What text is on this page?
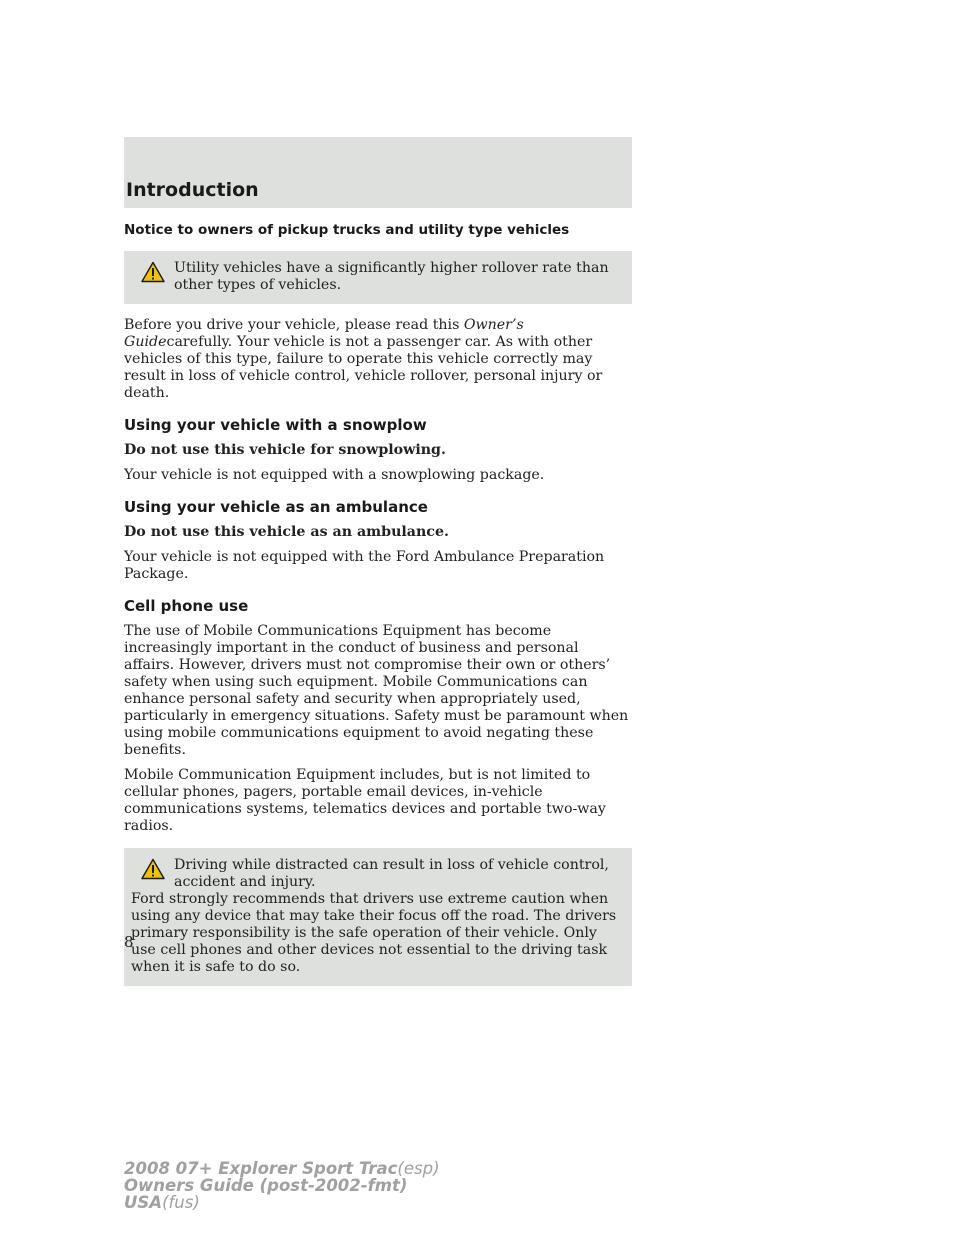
Introduction
Notice to owners of pickup trucks and utility type vehicles

Utility vehicles have a significantly higher rollover rate than other types of vehicles.

Before you drive your vehicle, please read this Owner’s Guidecarefully. Your vehicle is not a passenger car. As with other vehicles of this type, failure to operate this vehicle correctly may result in loss of vehicle control, vehicle rollover, personal injury or death.

Using your vehicle with a snowplow

Do not use this vehicle for snowplowing.

Your vehicle is not equipped with a snowplowing package.

Using your vehicle as an ambulance

Do not use this vehicle as an ambulance.

Your vehicle is not equipped with the Ford Ambulance Preparation Package.

Cell phone use

The use of Mobile Communications Equipment has become increasingly important in the conduct of business and personal affairs. However, drivers must not compromise their own or others’ safety when using such equipment. Mobile Communications can enhance personal safety and security when appropriately used, particularly in emergency situations. Safety must be paramount when using mobile communications equipment to avoid negating these benefits.

Mobile Communication Equipment includes, but is not limited to cellular phones, pagers, portable email devices, in-vehicle communications systems, telematics devices and portable two-way radios.

Driving while distracted can result in loss of vehicle control, accident and injury.
Ford strongly recommends that drivers use extreme caution when using any device that may take their focus off the road. The drivers primary responsibility is the safe operation of their vehicle. Only use cell phones and other devices not essential to the driving task when it is safe to do so.

8

2008 07+ Explorer Sport Trac(esp)
Owners Guide (post-2002-fmt)
USA(fus)
